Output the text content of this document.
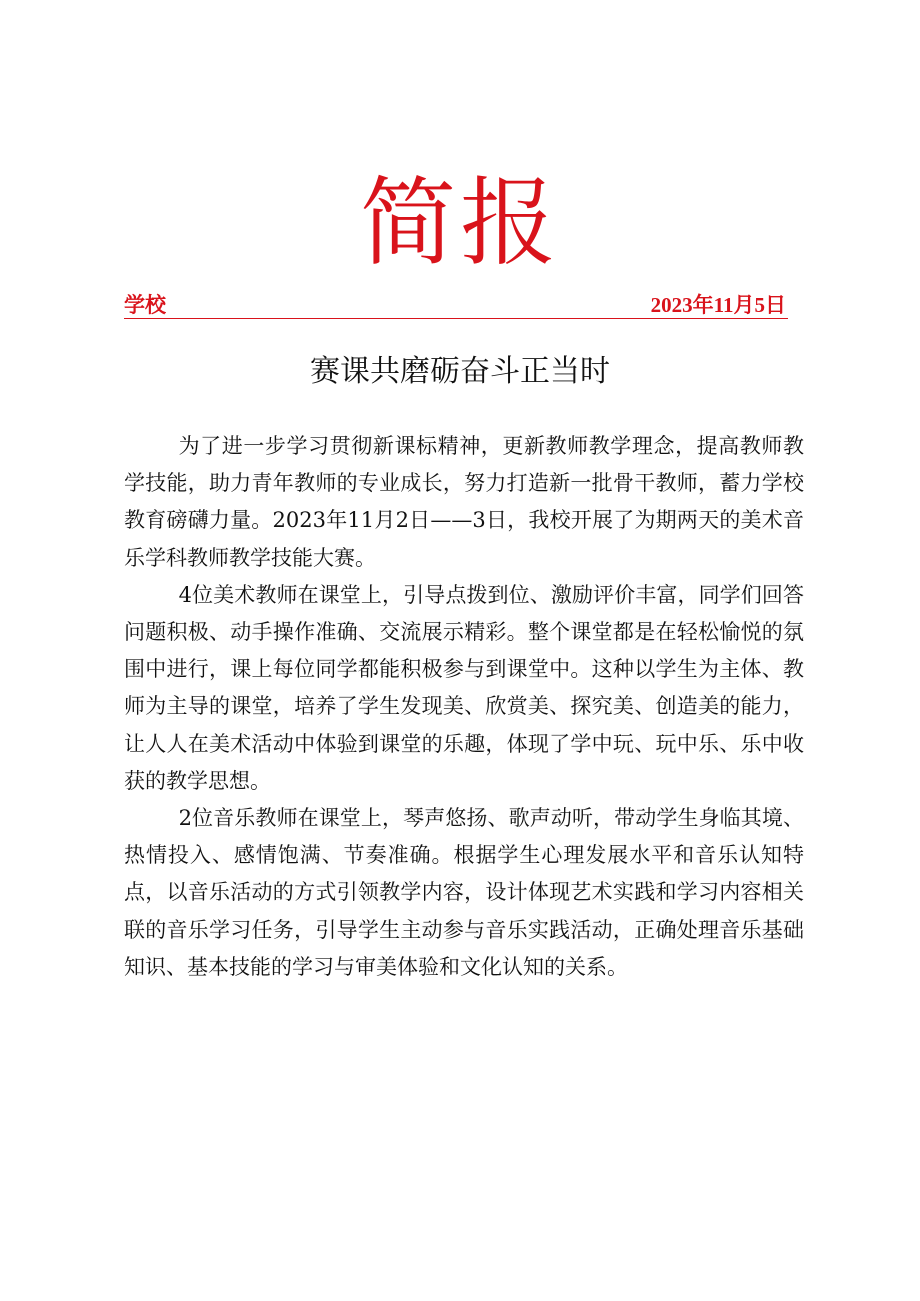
简报
学校	2023年11月5日
赛课共磨砺奋斗正当时

为了进一步学习贯彻新课标精神，更新教师教学理念，提高教师教学技能，助力青年教师的专业成长，努力打造新一批骨干教师，蓄力学校教育磅礴力量。2023年11月2日——3日，我校开展了为期两天的美术音乐学科教师教学技能大赛。

4位美术教师在课堂上，引导点拨到位、激励评价丰富，同学们回答问题积极、动手操作准确、交流展示精彩。整个课堂都是在轻松愉悦的氛围中进行，课上每位同学都能积极参与到课堂中。这种以学生为主体、教师为主导的课堂，培养了学生发现美、欣赏美、探究美、创造美的能力，让人人在美术活动中体验到课堂的乐趣，体现了学中玩、玩中乐、乐中收获的教学思想。

2位音乐教师在课堂上，琴声悠扬、歌声动听，带动学生身临其境、热情投入、感情饱满、节奏准确。根据学生心理发展水平和音乐认知特点，以音乐活动的方式引领教学内容，设计体现艺术实践和学习内容相关联的音乐学习任务，引导学生主动参与音乐实践活动，正确处理音乐基础知识、基本技能的学习与审美体验和文化认知的关系。
